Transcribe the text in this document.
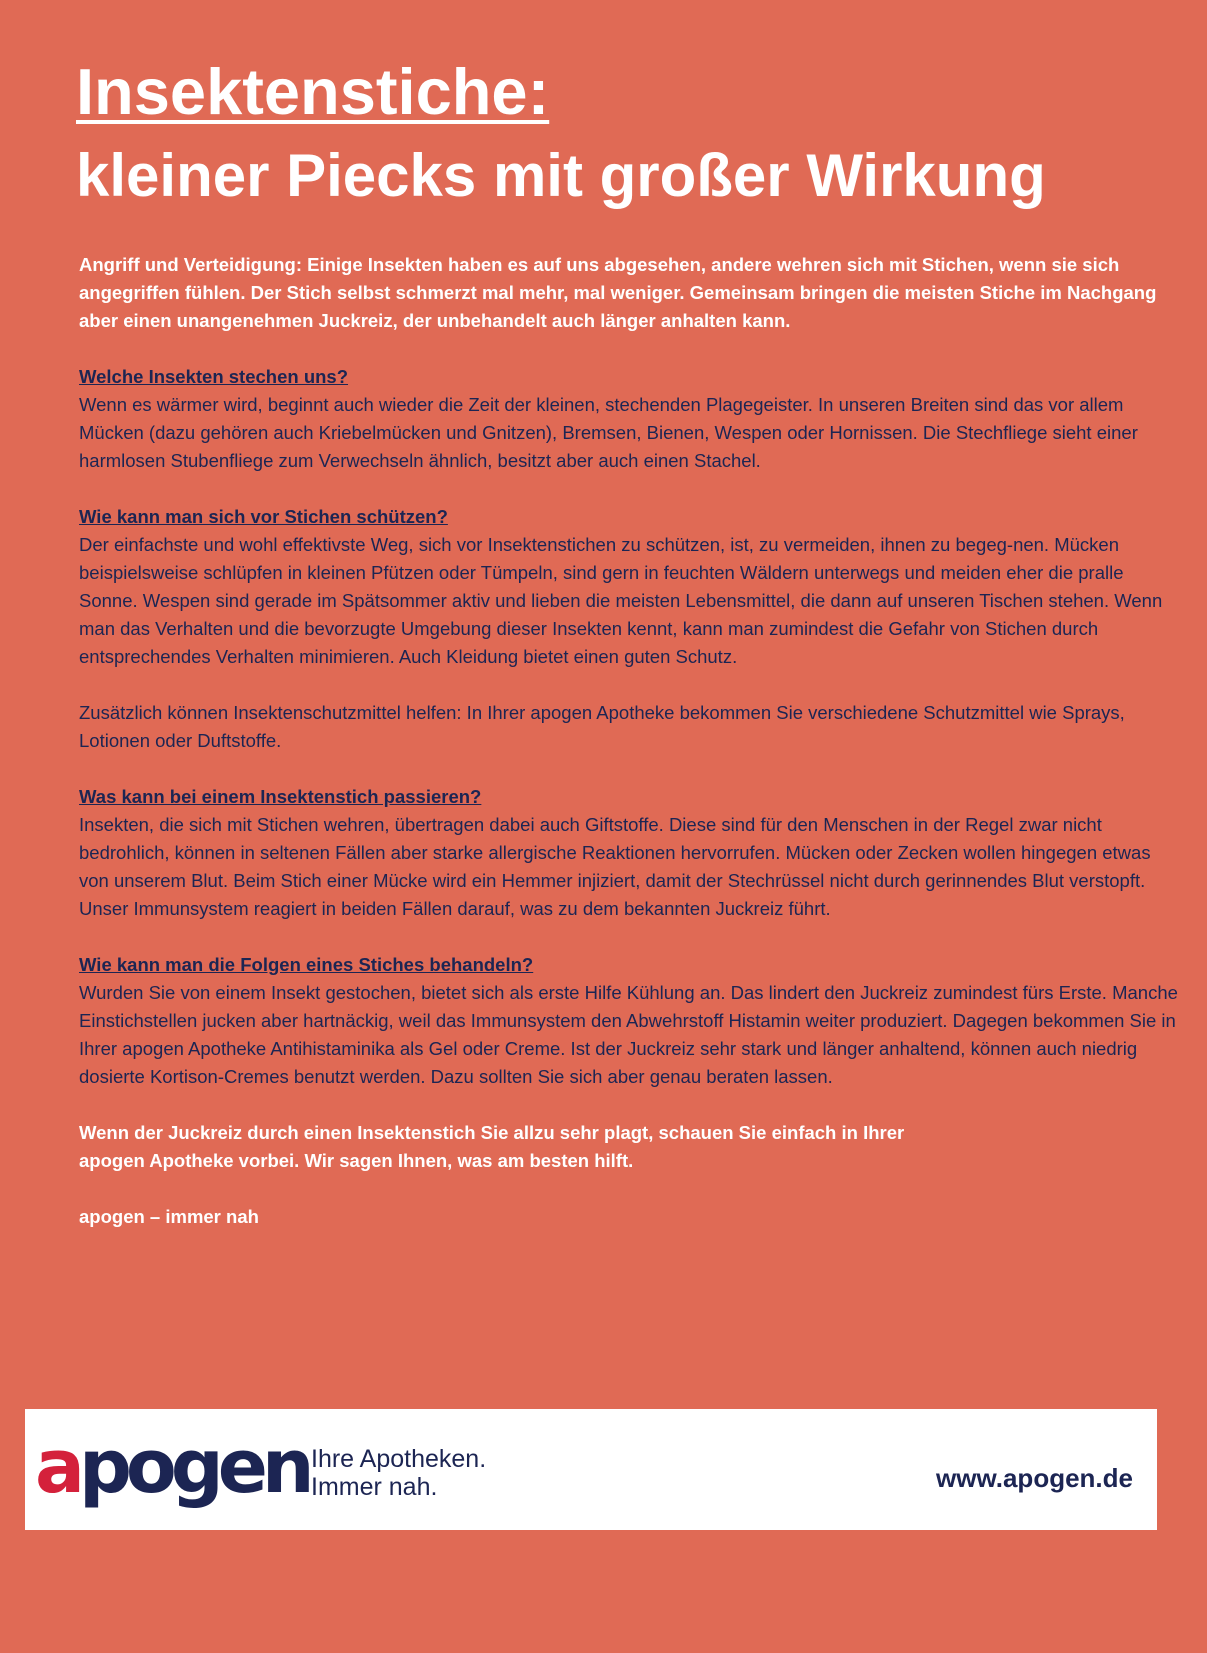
Insektenstiche:
kleiner Piecks mit großer Wirkung

Angriff und Verteidigung: Einige Insekten haben es auf uns abgesehen, andere wehren sich mit Stichen, wenn sie sich angegriffen fühlen. Der Stich selbst schmerzt mal mehr, mal weniger. Gemeinsam bringen die meisten Stiche im Nachgang aber einen unangenehmen Juckreiz, der unbehandelt auch länger anhalten kann.

Welche Insekten stechen uns?

Wenn es wärmer wird, beginnt auch wieder die Zeit der kleinen, stechenden Plagegeister. In unseren Breiten sind das vor allem Mücken (dazu gehören auch Kriebelmücken und Gnitzen), Bremsen, Bienen, Wespen oder Hornissen. Die Stechfliege sieht einer harmlosen Stubenfliege zum Verwechseln ähnlich, besitzt aber auch einen Stachel.

Wie kann man sich vor Stichen schützen?

Der einfachste und wohl effektivste Weg, sich vor Insektenstichen zu schützen, ist, zu vermeiden, ihnen zu begeg-nen. Mücken beispielsweise schlüpfen in kleinen Pfützen oder Tümpeln, sind gern in feuchten Wäldern unterwegs und meiden eher die pralle Sonne. Wespen sind gerade im Spätsommer aktiv und lieben die meisten Lebensmittel, die dann auf unseren Tischen stehen. Wenn man das Verhalten und die bevorzugte Umgebung dieser Insekten kennt, kann man zumindest die Gefahr von Stichen durch entsprechendes Verhalten minimieren. Auch Kleidung bietet einen guten Schutz.

Zusätzlich können Insektenschutzmittel helfen: In Ihrer apogen Apotheke bekommen Sie verschiedene Schutzmittel wie Sprays, Lotionen oder Duftstoffe.

Was kann bei einem Insektenstich passieren?

Insekten, die sich mit Stichen wehren, übertragen dabei auch Giftstoffe. Diese sind für den Menschen in der Regel zwar nicht bedrohlich, können in seltenen Fällen aber starke allergische Reaktionen hervorrufen. Mücken oder Zecken wollen hingegen etwas von unserem Blut. Beim Stich einer Mücke wird ein Hemmer injiziert, damit der Stechrüssel nicht durch gerinnendes Blut verstopft. Unser Immunsystem reagiert in beiden Fällen darauf, was zu dem bekannten Juckreiz führt.

Wie kann man die Folgen eines Stiches behandeln?

Wurden Sie von einem Insekt gestochen, bietet sich als erste Hilfe Kühlung an. Das lindert den Juckreiz zumindest fürs Erste. Manche Einstichstellen jucken aber hartnäckig, weil das Immunsystem den Abwehrstoff Histamin weiter produziert. Dagegen bekommen Sie in Ihrer apogen Apotheke Antihistaminika als Gel oder Creme. Ist der Juckreiz sehr stark und länger anhaltend, können auch niedrig dosierte Kortison-Cremes benutzt werden. Dazu sollten Sie sich aber genau beraten lassen.

Wenn der Juckreiz durch einen Insektenstich Sie allzu sehr plagt, schauen Sie einfach in Ihrer

apogen Apotheke vorbei. Wir sagen Ihnen, was am besten hilft.

apogen – immer nah

apogen Ihre Apotheken.
Immer nah.	www.apogen.de
